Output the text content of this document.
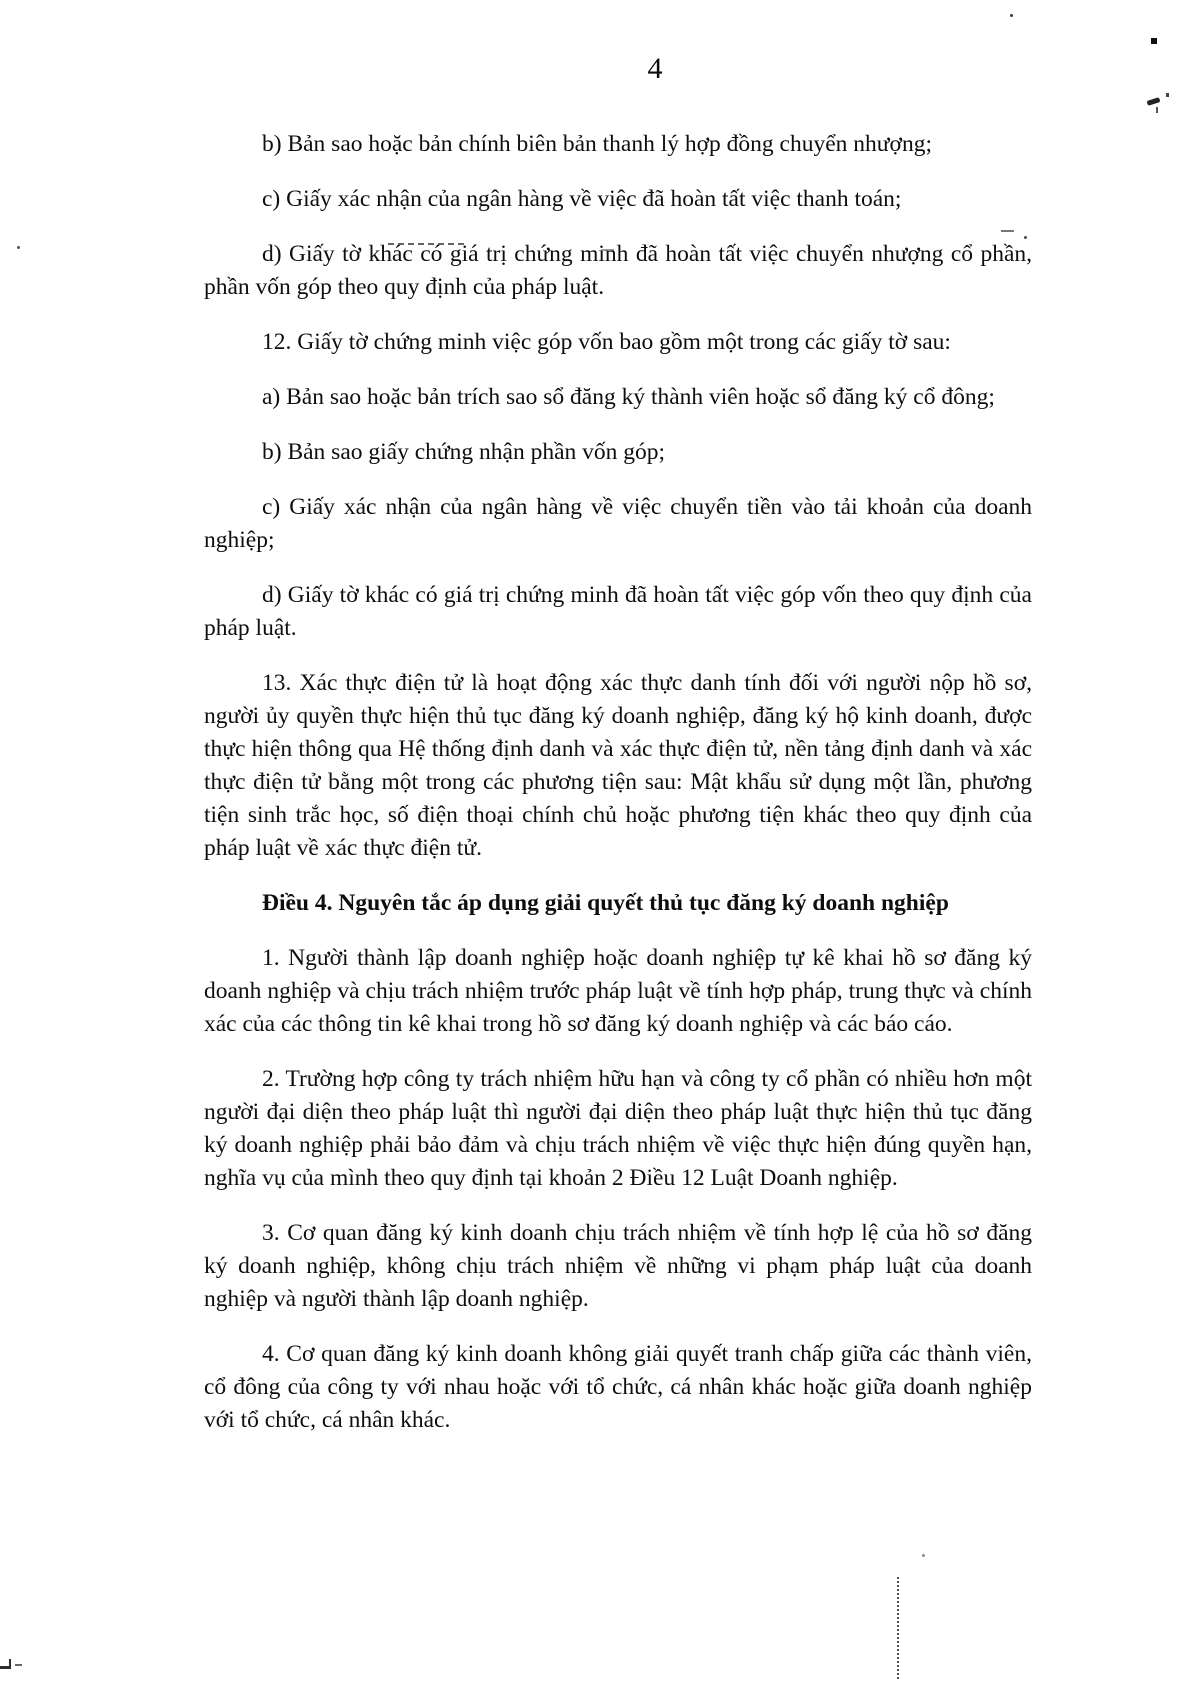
4

b) Bản sao hoặc bản chính biên bản thanh lý hợp đồng chuyển nhượng;

c) Giấy xác nhận của ngân hàng về việc đã hoàn tất việc thanh toán;

d) Giấy tờ khác có giá trị chứng minh đã hoàn tất việc chuyển nhượng cổ phần, phần vốn góp theo quy định của pháp luật.

12. Giấy tờ chứng minh việc góp vốn bao gồm một trong các giấy tờ sau:

a) Bản sao hoặc bản trích sao sổ đăng ký thành viên hoặc sổ đăng ký cổ đông;

b) Bản sao giấy chứng nhận phần vốn góp;

c) Giấy xác nhận của ngân hàng về việc chuyển tiền vào tải khoản của doanh nghiệp;

d) Giấy tờ khác có giá trị chứng minh đã hoàn tất việc góp vốn theo quy định của pháp luật.

13. Xác thực điện tử là hoạt động xác thực danh tính đối với người nộp hồ sơ, người ủy quyền thực hiện thủ tục đăng ký doanh nghiệp, đăng ký hộ kinh doanh, được thực hiện thông qua Hệ thống định danh và xác thực điện tử, nền tảng định danh và xác thực điện tử bằng một trong các phương tiện sau: Mật khẩu sử dụng một lần, phương tiện sinh trắc học, số điện thoại chính chủ hoặc phương tiện khác theo quy định của pháp luật về xác thực điện tử.

Điều 4. Nguyên tắc áp dụng giải quyết thủ tục đăng ký doanh nghiệp

1. Người thành lập doanh nghiệp hoặc doanh nghiệp tự kê khai hồ sơ đăng ký doanh nghiệp và chịu trách nhiệm trước pháp luật về tính hợp pháp, trung thực và chính xác của các thông tin kê khai trong hồ sơ đăng ký doanh nghiệp và các báo cáo.

2. Trường hợp công ty trách nhiệm hữu hạn và công ty cổ phần có nhiều hơn một người đại diện theo pháp luật thì người đại diện theo pháp luật thực hiện thủ tục đăng ký doanh nghiệp phải bảo đảm và chịu trách nhiệm về việc thực hiện đúng quyền hạn, nghĩa vụ của mình theo quy định tại khoản 2 Điều 12 Luật Doanh nghiệp.

3. Cơ quan đăng ký kinh doanh chịu trách nhiệm về tính hợp lệ của hồ sơ đăng ký doanh nghiệp, không chịu trách nhiệm về những vi phạm pháp luật của doanh nghiệp và người thành lập doanh nghiệp.

4. Cơ quan đăng ký kinh doanh không giải quyết tranh chấp giữa các thành viên, cổ đông của công ty với nhau hoặc với tổ chức, cá nhân khác hoặc giữa doanh nghiệp với tổ chức, cá nhân khác.
